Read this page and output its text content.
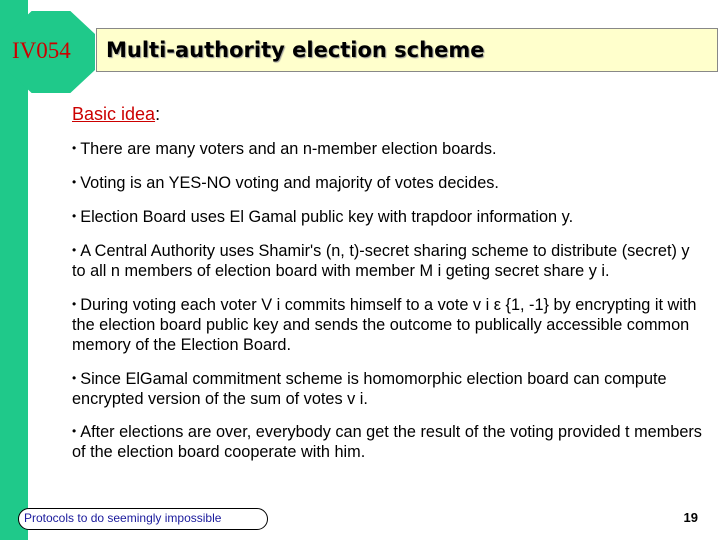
IV054 Multi-authority election scheme
Basic idea:
• There are many voters and an n-member election boards.
• Voting is an YES-NO voting and majority of votes decides.
• Election Board uses El Gamal public key with trapdoor information y.
• A Central Authority uses Shamir's (n, t)-secret sharing scheme to distribute (secret) y to all n members of election board with member M i geting secret share y i.
• During voting each voter V i commits himself to a vote v i ε {1, -1} by encrypting it with the election board public key and sends the outcome to publically accessible common memory of the Election Board.
• Since ElGamal commitment scheme is homomorphic election board can compute encrypted version of the sum of votes v i.
• After elections are over, everybody can get the result of the voting provided t members of the election board cooperate with him.
Protocols to do seemingly impossible	19
